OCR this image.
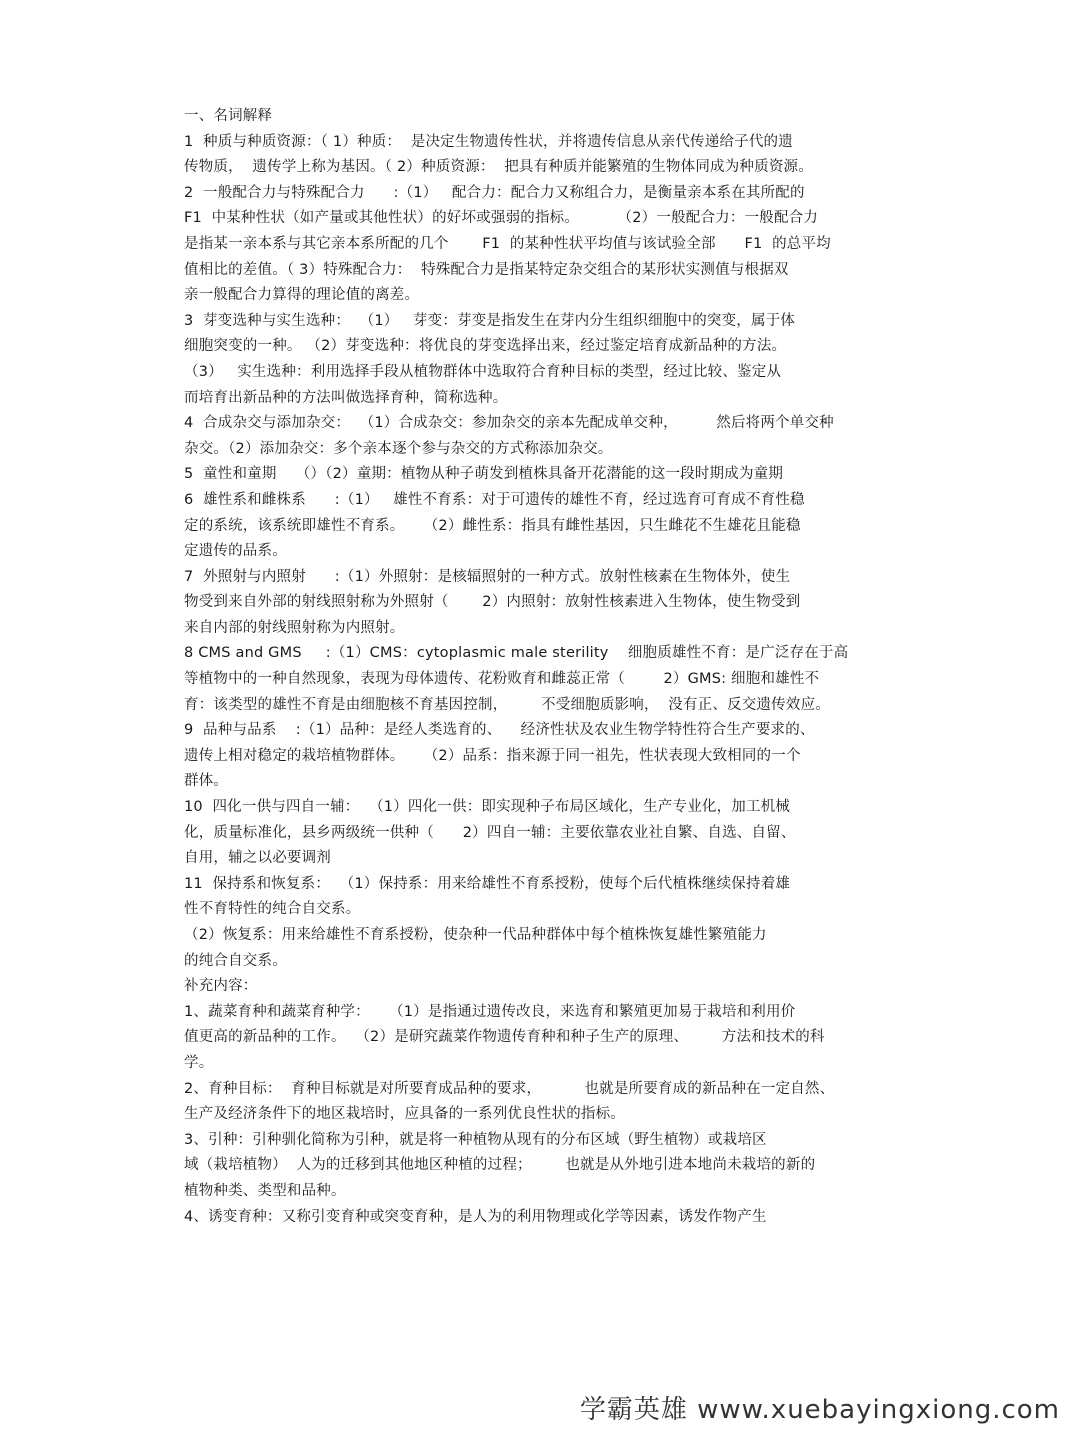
一、名词解释
1  种质与种质资源：（ 1）种质：  是决定生物遗传性状，并将遗传信息从亲代传递给子代的遗
传物质，  遗传学上称为基因。（ 2）种质资源：  把具有种质并能繁殖的生物体同成为种质资源。
2  一般配合力与特殊配合力      :（1）   配合力：配合力又称组合力，是衡量亲本系在其所配的
F1  中某种性状（如产量或其他性状）的好坏或强弱的指标。        （2）一般配合力：一般配合力
是指某一亲本系与其它亲本系所配的几个       F1  的某种性状平均值与该试验全部      F1  的总平均
值相比的差值。（ 3）特殊配合力：  特殊配合力是指某特定杂交组合的某形状实测值与根据双
亲一般配合力算得的理论值的离差。
3  芽变选种与实生选种：  （1）   芽变：芽变是指发生在芽内分生组织细胞中的突变，属于体
细胞突变的一种。 （2）芽变选种：将优良的芽变选择出来，经过鉴定培育成新品种的方法。
（3）   实生选种：利用选择手段从植物群体中选取符合育种目标的类型，经过比较、鉴定从
而培育出新品种的方法叫做选择育种，简称选种。
4  合成杂交与添加杂交：  （1）合成杂交：参加杂交的亲本先配成单交种，        然后将两个单交种
杂交。（2）添加杂交：多个亲本逐个参与杂交的方式称添加杂交。
5  童性和童期    （）（2）童期：植物从种子萌发到植株具备开花潜能的这一段时期成为童期
6  雄性系和雌株系      :（1）   雄性不育系：对于可遗传的雄性不育，经过选育可育成不育性稳
定的系统，该系统即雄性不育系。    （2）雌性系：指具有雌性基因，只生雌花不生雄花且能稳
定遗传的品系。
7  外照射与内照射      :（1）外照射：是核辐照射的一种方式。放射性核素在生物体外，使生
物受到来自外部的射线照射称为外照射（       2）内照射：放射性核素进入生物体，使生物受到
来自内部的射线照射称为内照射。
8 CMS and GMS     :（1）CMS：cytoplasmic male sterility    细胞质雄性不育：是广泛存在于高
等植物中的一种自然现象，表现为母体遗传、花粉败育和雌蕊正常（        2）GMS: 细胞和雄性不
育：该类型的雄性不育是由细胞核不育基因控制，       不受细胞质影响，  没有正、反交遗传效应。
9  品种与品系    :（1）品种：是经人类选育的、    经济性状及农业生物学特性符合生产要求的、
遗传上相对稳定的栽培植物群体。    （2）品系：指来源于同一祖先，性状表现大致相同的一个
群体。
10  四化一供与四自一辅：  （1）四化一供：即实现种子布局区域化，生产专业化，加工机械
化，质量标准化，县乡两级统一供种（      2）四自一辅：主要依靠农业社自繁、自选、自留、
自用，辅之以必要调剂
11  保持系和恢复系：  （1）保持系：用来给雄性不育系授粉，使每个后代植株继续保持着雄
性不育特性的纯合自交系。
（2）恢复系：用来给雄性不育系授粉，使杂种一代品种群体中每个植株恢复雄性繁殖能力
的纯合自交系。
补充内容：
1、蔬菜育种和蔬菜育种学：    （1）是指通过遗传改良，来选育和繁殖更加易于栽培和利用价
值更高的新品种的工作。  （2）是研究蔬菜作物遗传育种和种子生产的原理、       方法和技术的科
学。
2、育种目标：  育种目标就是对所要育成品种的要求，         也就是所要育成的新品种在一定自然、
生产及经济条件下的地区栽培时，应具备的一系列优良性状的指标。
3、引种：引种驯化简称为引种，就是将一种植物从现有的分布区域（野生植物）或栽培区
域（栽培植物）  人为的迁移到其他地区种植的过程；       也就是从外地引进本地尚未栽培的新的
植物种类、类型和品种。
4、诱变育种：又称引变育种或突变育种，是人为的利用物理或化学等因素，诱发作物产生
学霸英雄 www.xuebayingxiong.com
